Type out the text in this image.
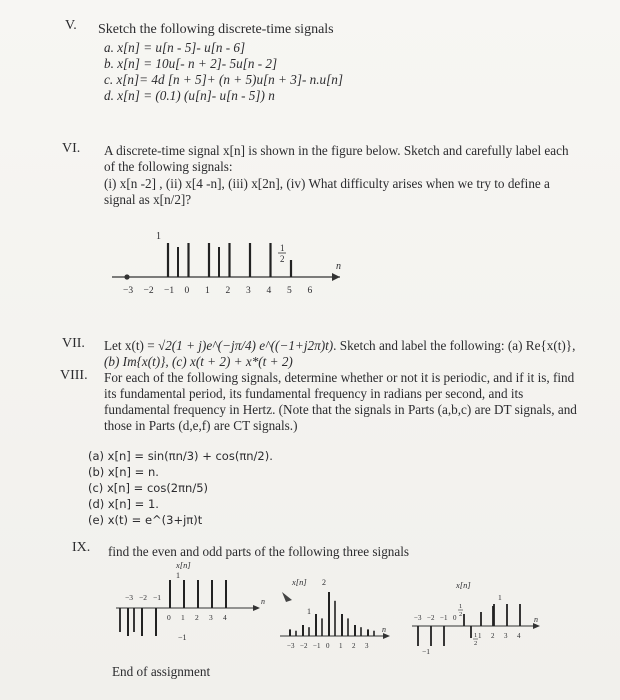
V. Sketch the following discrete-time signals
a. x[n] = u[n - 5]- u[n - 6]
b. x[n] = 10u[- n + 2]- 5u[n - 2]
c. x[n]= 4d [n + 5]+ (n + 5)u[n + 3]- n.u[n]
d. x[n] = (0.1) (u[n]- u[n - 5]) n
VI. A discrete-time signal x[n] is shown in the figure below. Sketch and carefully label each
of the following signals:
(i) x[n -2] , (ii) x[4 -n], (iii) x[2n], (iv) What difficulty arises when we try to define a
signal as x[n/2]?
n
1
1
2
−3 −2 −1 0 1 2 3 4 5 6
VII. Let x(t) = √2(1 + j)e^(−jπ/4) e^((−1+j2π)t). Sketch and label the following: (a) Re{x(t)},
(b) Im{x(t)}, (c) x(t + 2) + x*(t + 2)
VIII. For each of the following signals, determine whether or not it is periodic, and if it is, find
its fundamental period, its fundamental frequency in radians per second, and its
fundamental frequency in Hertz. (Note that the signals in Parts (a,b,c) are DT signals, and
those in Parts (d,e,f) are CT signals.)
(a) x[n] = sin(πn/3) + cos(πn/2).
(b) x[n] = n.
(c) x[n] = cos(2πn/5)
(d) x[n] = 1.
(e) x(t) = e^(3+jπ)t
IX. find the even and odd parts of the following three signals
x[n]
n
1
−1
−3 −2 −1
0 1 2 3 4
x[n] 2
1
n
−3 −2 −1 0 1 2 3
x[n]
1
n
1
2
1
2
−1
−3 −2 −1 0
1 2 3 4
End of assignment
